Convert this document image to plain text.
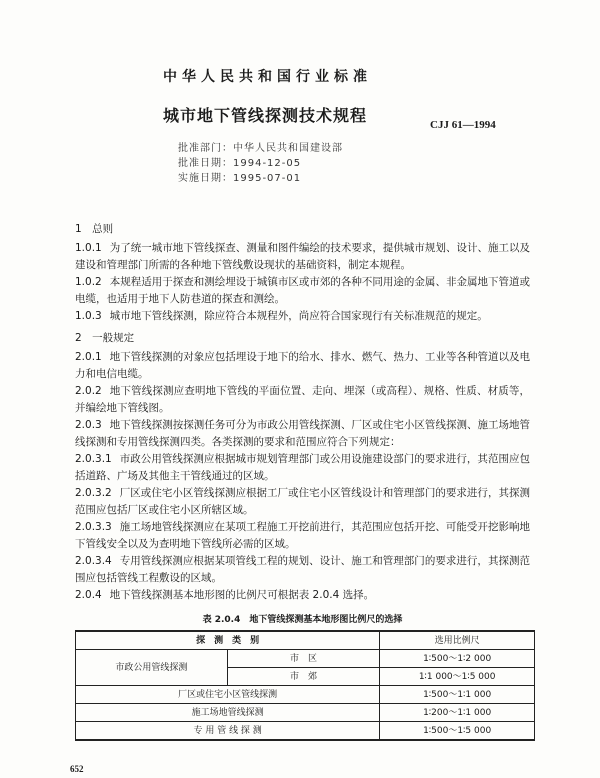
中华人民共和国行业标准
城市地下管线探测技术规程	CJJ 61—1994
批准部门：中华人民共和国建设部
批准日期：1994-12-05
实施日期：1995-07-01

1　总则

1.0.1 为了统一城市地下管线探查、测量和图件编绘的技术要求，提供城市规划、设计、施工以及建设和管理部门所需的各种地下管线敷设现状的基础资料，制定本规程。

1.0.2 本规程适用于探查和测绘埋设于城镇市区或市郊的各种不同用途的金属、非金属地下管道或电缆，也适用于地下人防巷道的探查和测绘。

1.0.3 城市地下管线探测，除应符合本规程外，尚应符合国家现行有关标准规范的规定。

2　一般规定

2.0.1 地下管线探测的对象应包括埋设于地下的给水、排水、燃气、热力、工业等各种管道以及电力和电信电缆。

2.0.2 地下管线探测应查明地下管线的平面位置、走向、埋深（或高程）、规格、性质、材质等，并编绘地下管线图。

2.0.3 地下管线探测按探测任务可分为市政公用管线探测、厂区或住宅小区管线探测、施工场地管线探测和专用管线探测四类。各类探测的要求和范围应符合下列规定：

2.0.3.1 市政公用管线探测应根据城市规划管理部门或公用设施建设部门的要求进行，其范围应包括道路、广场及其他主干管线通过的区域。

2.0.3.2 厂区或住宅小区管线探测应根据工厂或住宅小区管线设计和管理部门的要求进行，其探测范围应包括厂区或住宅小区所辖区域。

2.0.3.3 施工场地管线探测应在某项工程施工开挖前进行，其范围应包括开挖、可能受开挖影响地下管线安全以及为查明地下管线所必需的区域。

2.0.3.4 专用管线探测应根据某项管线工程的规划、设计、施工和管理部门的要求进行，其探测范围应包括管线工程敷设的区域。

2.0.4 地下管线探测基本地形图的比例尺可根据表 2.0.4 选择。

表 2.0.4　地下管线探测基本地形图比例尺的选择
探　测　类　别		选用比例尺
市政公用管线探测	市　区	1∶500～1∶2 000
	市　郊	1∶1 000～1∶5 000
厂区或住宅小区管线探测		1∶500～1∶1 000
施工场地管线探测		1∶200～1∶1 000
专 用 管 线 探 测		1∶500～1∶5 000
652
